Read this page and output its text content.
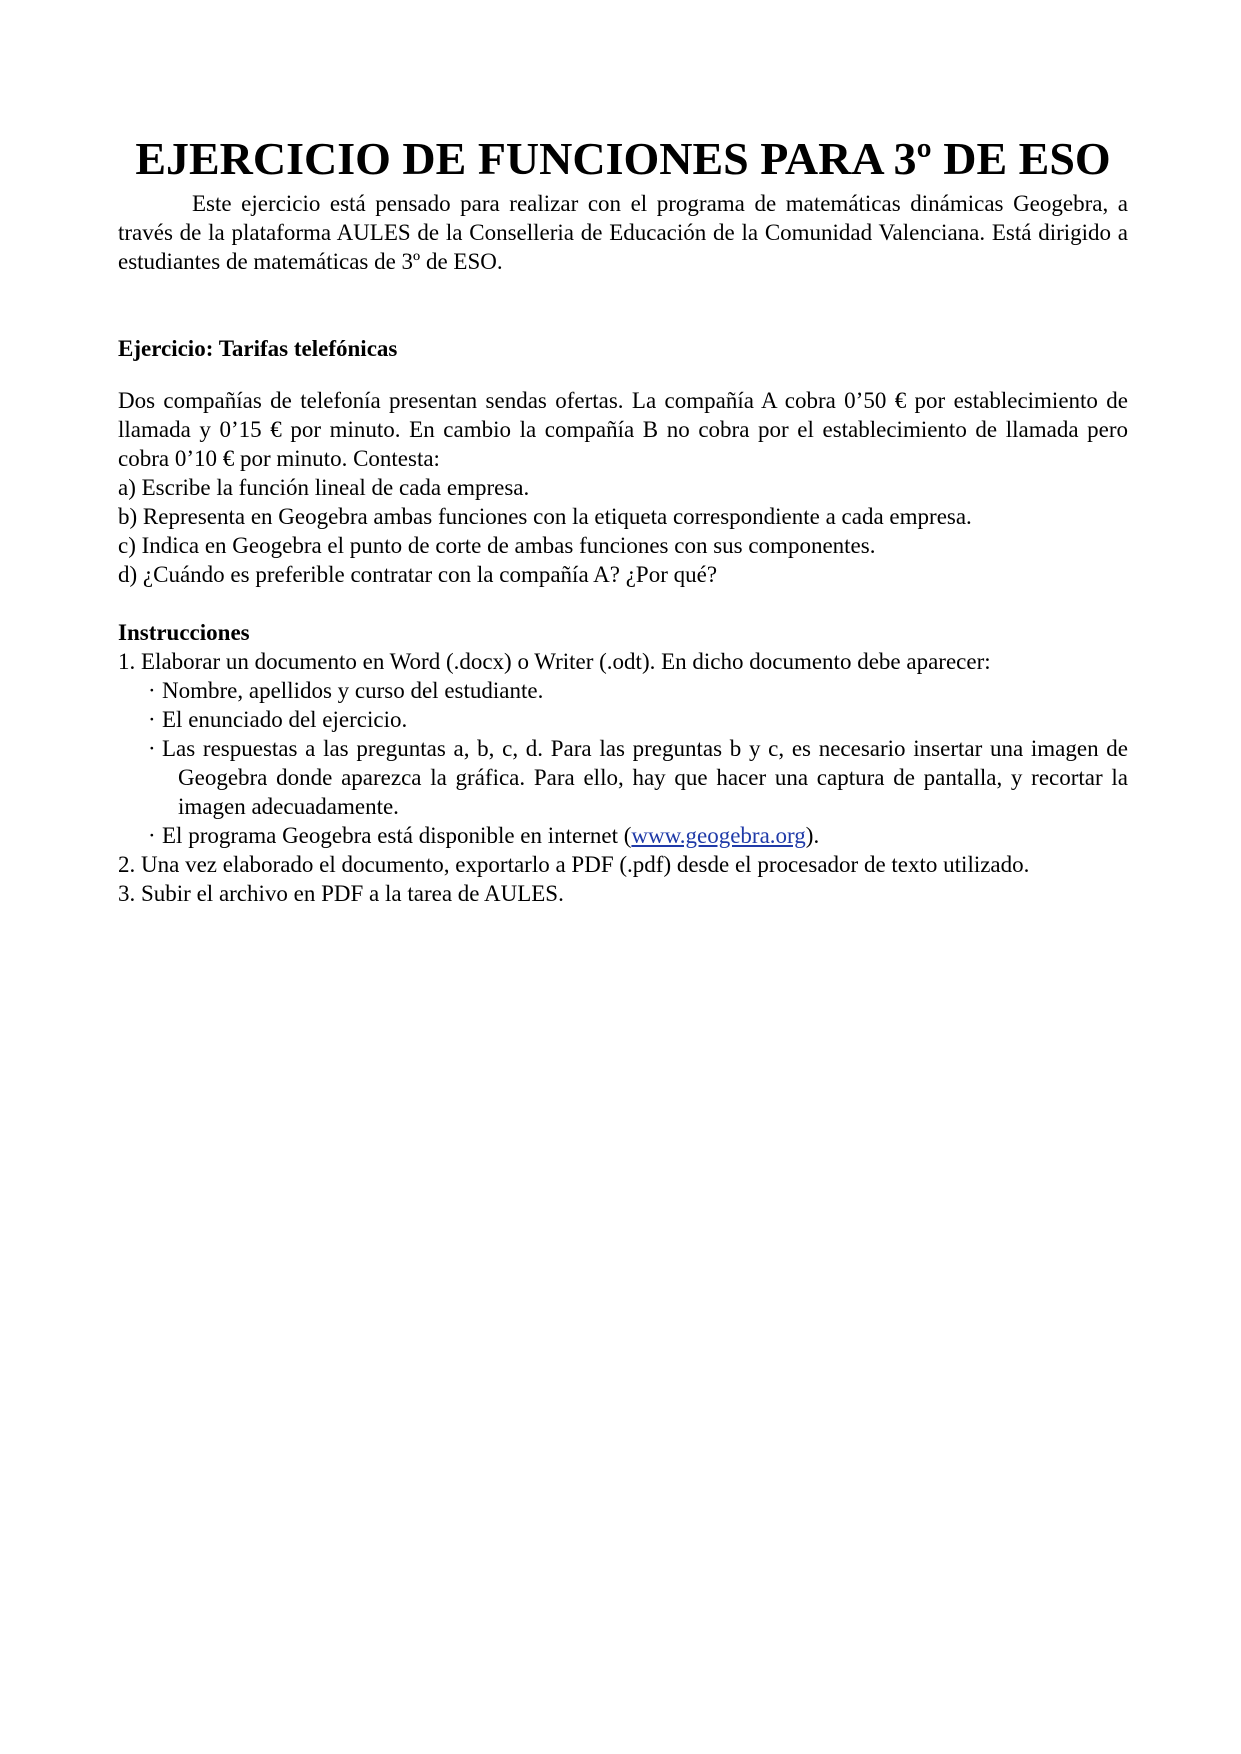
EJERCICIO DE FUNCIONES PARA 3º DE ESO

Este ejercicio está pensado para realizar con el programa de matemáticas dinámicas Geogebra, a través de la plataforma AULES de la Conselleria de Educación de la Comunidad Valenciana. Está dirigido a estudiantes de matemáticas de 3º de ESO.

Ejercicio: Tarifas telefónicas

Dos compañías de telefonía presentan sendas ofertas. La compañía A cobra 0’50 € por establecimiento de llamada y 0’15 € por minuto. En cambio la compañía B no cobra por el establecimiento de llamada pero cobra 0’10 € por minuto. Contesta:

a) Escribe la función lineal de cada empresa.
b) Representa en Geogebra ambas funciones con la etiqueta correspondiente a cada empresa.
c) Indica en Geogebra el punto de corte de ambas funciones con sus componentes.
d) ¿Cuándo es preferible contratar con la compañía A? ¿Por qué?

Instrucciones

1. Elaborar un documento en Word (.docx) o Writer (.odt). En dicho documento debe aparecer:
· Nombre, apellidos y curso del estudiante.
· El enunciado del ejercicio.
· Las respuestas a las preguntas a, b, c, d. Para las preguntas b y c, es necesario insertar una imagen de Geogebra donde aparezca la gráfica. Para ello, hay que hacer una captura de pantalla, y recortar la imagen adecuadamente.
· El programa Geogebra está disponible en internet (www.geogebra.org).
2. Una vez elaborado el documento, exportarlo a PDF (.pdf) desde el procesador de texto utilizado.
3. Subir el archivo en PDF a la tarea de AULES.
